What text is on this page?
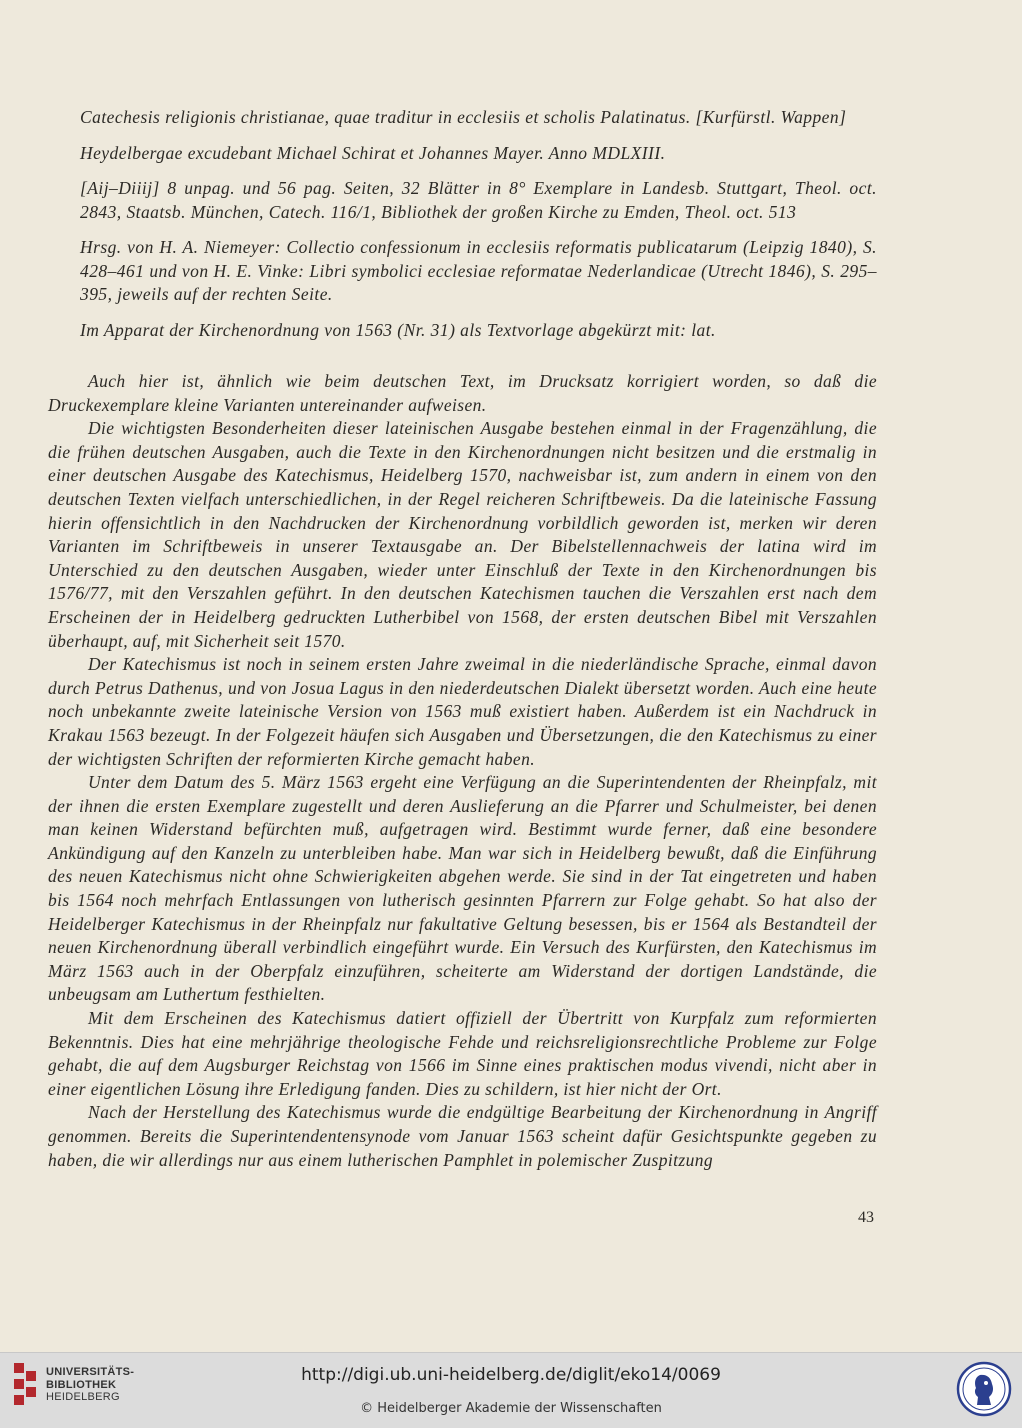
Catechesis religionis christianae, quae traditur in ecclesiis et scholis Palatinatus. [Kurfürstl. Wappen]

Heydelbergae excudebant Michael Schirat et Johannes Mayer. Anno MDLXIII.

[Aij–Diiij] 8 unpag. und 56 pag. Seiten, 32 Blätter in 8° Exemplare in Landesb. Stuttgart, Theol. oct. 2843, Staatsb. München, Catech. 116/1, Bibliothek der großen Kirche zu Emden, Theol. oct. 513

Hrsg. von H. A. Niemeyer: Collectio confessionum in ecclesiis reformatis publicatarum (Leipzig 1840), S. 428–461 und von H. E. Vinke: Libri symbolici ecclesiae reformatae Nederlandicae (Utrecht 1846), S. 295–395, jeweils auf der rechten Seite.

Im Apparat der Kirchenordnung von 1563 (Nr. 31) als Textvorlage abgekürzt mit: lat.

Auch hier ist, ähnlich wie beim deutschen Text, im Drucksatz korrigiert worden, so daß die Druckexemplare kleine Varianten untereinander aufweisen.

Die wichtigsten Besonderheiten dieser lateinischen Ausgabe bestehen einmal in der Fragenzählung, die die frühen deutschen Ausgaben, auch die Texte in den Kirchenordnungen nicht besitzen und die erstmalig in einer deutschen Ausgabe des Katechismus, Heidelberg 1570, nachweisbar ist, zum andern in einem von den deutschen Texten vielfach unterschiedlichen, in der Regel reicheren Schriftbeweis. Da die lateinische Fassung hierin offensichtlich in den Nachdrucken der Kirchenordnung vorbildlich geworden ist, merken wir deren Varianten im Schriftbeweis in unserer Textausgabe an. Der Bibelstellennachweis der latina wird im Unterschied zu den deutschen Ausgaben, wieder unter Einschluß der Texte in den Kirchenordnungen bis 1576/77, mit den Verszahlen geführt. In den deutschen Katechismen tauchen die Verszahlen erst nach dem Erscheinen der in Heidelberg gedruckten Lutherbibel von 1568, der ersten deutschen Bibel mit Verszahlen überhaupt, auf, mit Sicherheit seit 1570.

Der Katechismus ist noch in seinem ersten Jahre zweimal in die niederländische Sprache, einmal davon durch Petrus Dathenus, und von Josua Lagus in den niederdeutschen Dialekt übersetzt worden. Auch eine heute noch unbekannte zweite lateinische Version von 1563 muß existiert haben. Außerdem ist ein Nachdruck in Krakau 1563 bezeugt. In der Folgezeit häufen sich Ausgaben und Übersetzungen, die den Katechismus zu einer der wichtigsten Schriften der reformierten Kirche gemacht haben.

Unter dem Datum des 5. März 1563 ergeht eine Verfügung an die Superintendenten der Rheinpfalz, mit der ihnen die ersten Exemplare zugestellt und deren Auslieferung an die Pfarrer und Schulmeister, bei denen man keinen Widerstand befürchten muß, aufgetragen wird. Bestimmt wurde ferner, daß eine besondere Ankündigung auf den Kanzeln zu unterbleiben habe. Man war sich in Heidelberg bewußt, daß die Einführung des neuen Katechismus nicht ohne Schwierigkeiten abgehen werde. Sie sind in der Tat eingetreten und haben bis 1564 noch mehrfach Entlassungen von lutherisch gesinnten Pfarrern zur Folge gehabt. So hat also der Heidelberger Katechismus in der Rheinpfalz nur fakultative Geltung besessen, bis er 1564 als Bestandteil der neuen Kirchenordnung überall verbindlich eingeführt wurde. Ein Versuch des Kurfürsten, den Katechismus im März 1563 auch in der Oberpfalz einzuführen, scheiterte am Widerstand der dortigen Landstände, die unbeugsam am Luthertum festhielten.

Mit dem Erscheinen des Katechismus datiert offiziell der Übertritt von Kurpfalz zum reformierten Bekenntnis. Dies hat eine mehrjährige theologische Fehde und reichsreligionsrechtliche Probleme zur Folge gehabt, die auf dem Augsburger Reichstag von 1566 im Sinne eines praktischen modus vivendi, nicht aber in einer eigentlichen Lösung ihre Erledigung fanden. Dies zu schildern, ist hier nicht der Ort.

Nach der Herstellung des Katechismus wurde die endgültige Bearbeitung der Kirchenordnung in Angriff genommen. Bereits die Superintendentensynode vom Januar 1563 scheint dafür Gesichtspunkte gegeben zu haben, die wir allerdings nur aus einem lutherischen Pamphlet in polemischer Zuspitzung

43
UNIVERSITÄTS-
BIBLIOTHEK
HEIDELBERG
http://digi.ub.uni-heidelberg.de/diglit/eko14/0069
© Heidelberger Akademie der Wissenschaften
